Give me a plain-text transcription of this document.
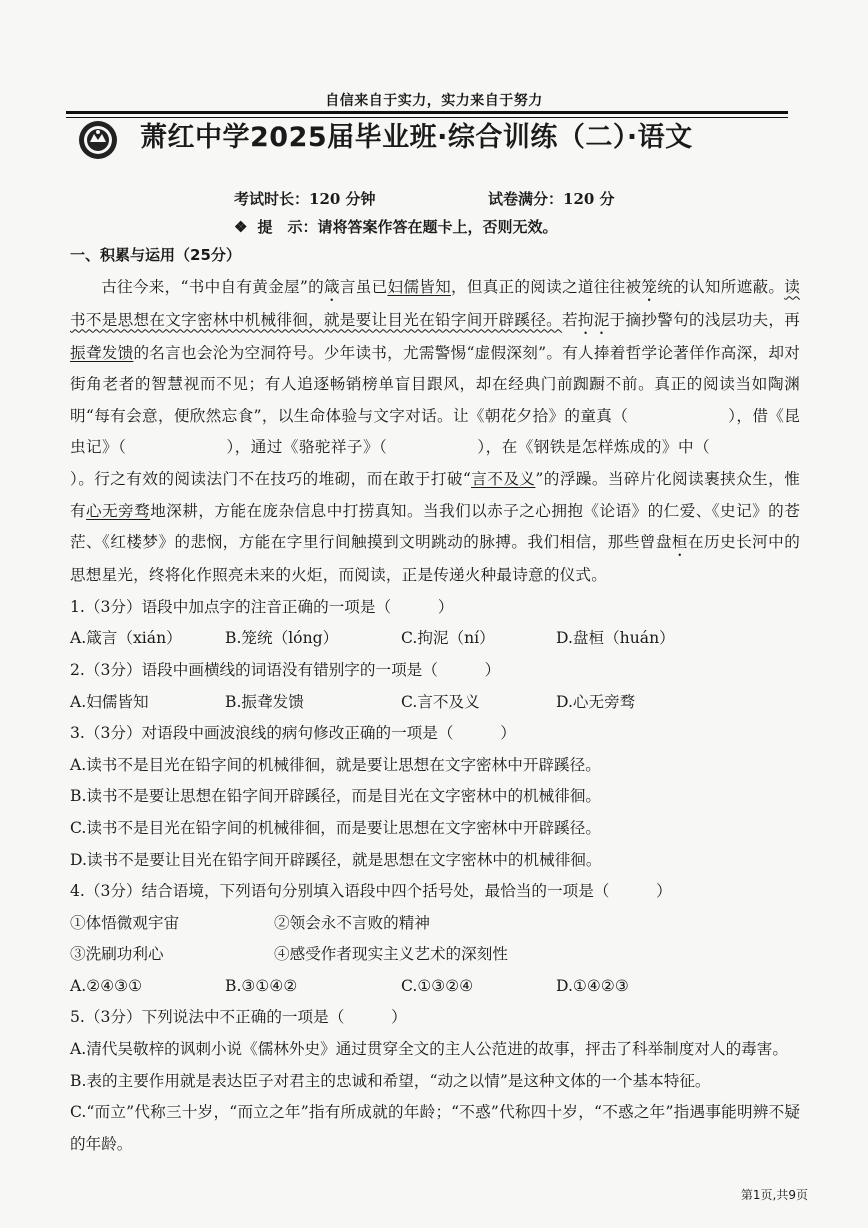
自信来自于实力，实力来自于努力
萧红中学2025届毕业班·综合训练（二）·语文
考试时长：120 分钟	试卷满分：120 分
❖ 提　示：请将答案作答在题卡上，否则无效。

一、积累与运用（25分）

古往今来，“书中自有黄金屋”的箴言虽已妇儒皆知，但真正的阅读之道往往被笼统的认知所遮蔽。读书不是思想在文字密林中机械徘徊，就是要让目光在铅字间开辟蹊径。若拘泥于摘抄警句的浅层功夫，再振聋发馈的名言也会沦为空洞符号。少年读书，尤需警惕“虚假深刻”。有人捧着哲学论著佯作高深，却对街角老者的智慧视而不见；有人追逐畅销榜单盲目跟风，却在经典门前踟蹰不前。真正的阅读当如陶渊明“每有会意，便欣然忘食”，以生命体验与文字对话。让《朝花夕拾》的童真（	），借《昆虫记》（	），通过《骆驼祥子》（	），在《钢铁是怎样炼成的》中（）。行之有效的阅读法门不在技巧的堆砌，而在敢于打破“言不及义”的浮躁。当碎片化阅读裹挟众生，惟有心无旁骛地深耕，方能在庞杂信息中打捞真知。当我们以赤子之心拥抱《论语》的仁爱、《史记》的苍茫、《红楼梦》的悲悯，方能在字里行间触摸到文明跳动的脉搏。我们相信，那些曾盘桓在历史长河中的思想星光，终将化作照亮未来的火炬，而阅读，正是传递火种最诗意的仪式。

1.（3分）语段中加点字的注音正确的一项是（　　　）

A.箴言（xián）	B.笼统（lóng）	C.拘泥（ní）	D.盘桓（huán）

2.（3分）语段中画横线的词语没有错别字的一项是（　　　）

A.妇儒皆知	B.振聋发馈	C.言不及义	D.心无旁骛

3.（3分）对语段中画波浪线的病句修改正确的一项是（　　　）

A.读书不是目光在铅字间的机械徘徊，就是要让思想在文字密林中开辟蹊径。

B.读书不是要让思想在铅字间开辟蹊径，而是目光在文字密林中的机械徘徊。

C.读书不是目光在铅字间的机械徘徊，而是要让思想在文字密林中开辟蹊径。

D.读书不是要让目光在铅字间开辟蹊径，就是思想在文字密林中的机械徘徊。

4.（3分）结合语境，下列语句分别填入语段中四个括号处，最恰当的一项是（　　　）

①体悟微观宇宙	②领会永不言败的精神

③洗刷功利心	④感受作者现实主义艺术的深刻性

A.②④③①	B.③①④②	C.①③②④	D.①④②③

5.（3分）下列说法中不正确的一项是（　　　）

A.清代吴敬梓的讽刺小说《儒林外史》通过贯穿全文的主人公范进的故事，抨击了科举制度对人的毒害。

B.表的主要作用就是表达臣子对君主的忠诚和希望，“动之以情”是这种文体的一个基本特征。

C.“而立”代称三十岁，“而立之年”指有所成就的年龄；“不惑”代称四十岁，“不惑之年”指遇事能明辨不疑的年龄。

第1页,共9页
